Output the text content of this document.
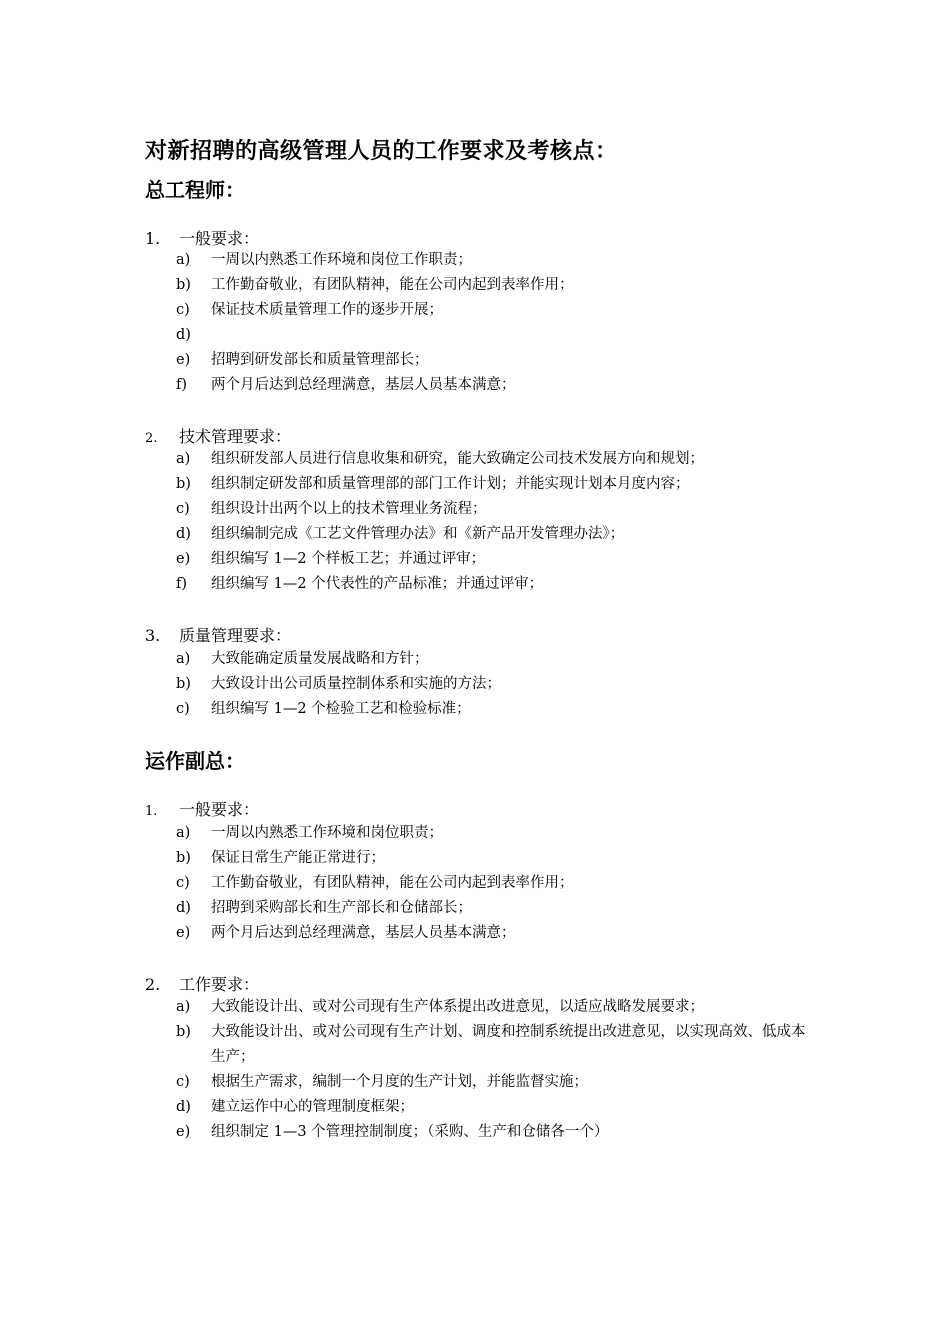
对新招聘的高级管理人员的工作要求及考核点：
总工程师：
1. 一般要求：
a) 一周以内熟悉工作环境和岗位工作职责；
b) 工作勤奋敬业，有团队精神，能在公司内起到表率作用；
c) 保证技术质量管理工作的逐步开展；
d)
e) 招聘到研发部长和质量管理部长；
f) 两个月后达到总经理满意，基层人员基本满意；
2. 技术管理要求：
a) 组织研发部人员进行信息收集和研究，能大致确定公司技术发展方向和规划；
b) 组织制定研发部和质量管理部的部门工作计划；并能实现计划本月度内容；
c) 组织设计出两个以上的技术管理业务流程；
d) 组织编制完成《工艺文件管理办法》和《新产品开发管理办法》；
e) 组织编写 1—2 个样板工艺；并通过评审；
f) 组织编写 1—2 个代表性的产品标准；并通过评审；
3. 质量管理要求：
a) 大致能确定质量发展战略和方针；
b) 大致设计出公司质量控制体系和实施的方法；
c) 组织编写 1—2 个检验工艺和检验标准；
运作副总：
1. 一般要求：
a) 一周以内熟悉工作环境和岗位职责；
b) 保证日常生产能正常进行；
c) 工作勤奋敬业，有团队精神，能在公司内起到表率作用；
d) 招聘到采购部长和生产部长和仓储部长；
e) 两个月后达到总经理满意，基层人员基本满意；
2. 工作要求：
a) 大致能设计出、或对公司现有生产体系提出改进意见，以适应战略发展要求；
b) 大致能设计出、或对公司现有生产计划、调度和控制系统提出改进意见，以实现高效、低成本生产；
c) 根据生产需求，编制一个月度的生产计划，并能监督实施；
d) 建立运作中心的管理制度框架；
e) 组织制定 1—3 个管理控制制度；（采购、生产和仓储各一个）
